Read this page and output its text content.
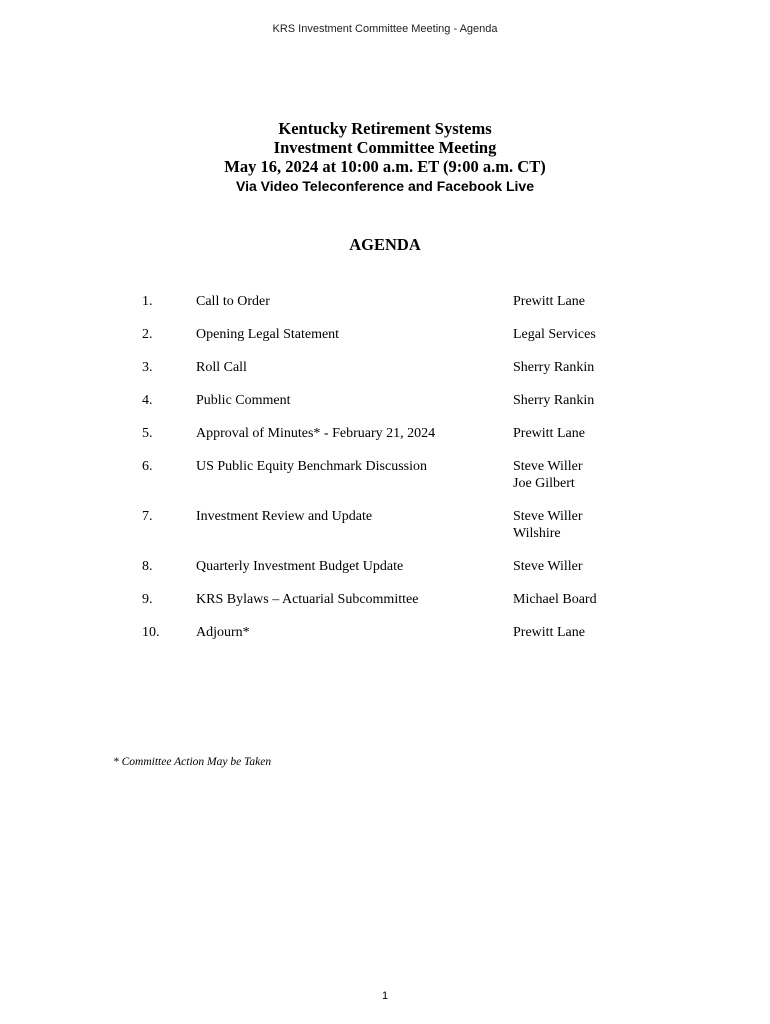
KRS Investment Committee Meeting - Agenda
Kentucky Retirement Systems
Investment Committee Meeting
May 16, 2024 at 10:00 a.m. ET (9:00 a.m. CT)
Via Video Teleconference and Facebook Live
AGENDA
1.	Call to Order	Prewitt Lane
2.	Opening Legal Statement	Legal Services
3.	Roll Call	Sherry Rankin
4.	Public Comment	Sherry Rankin
5.	Approval of Minutes* - February 21, 2024	Prewitt Lane
6.	US Public Equity Benchmark Discussion	Steve Willer
Joe Gilbert
7.	Investment Review and Update	Steve Willer
Wilshire
8.	Quarterly Investment Budget Update	Steve Willer
9.	KRS Bylaws – Actuarial Subcommittee	Michael Board
10.	Adjourn*	Prewitt Lane
* Committee Action May be Taken
1
